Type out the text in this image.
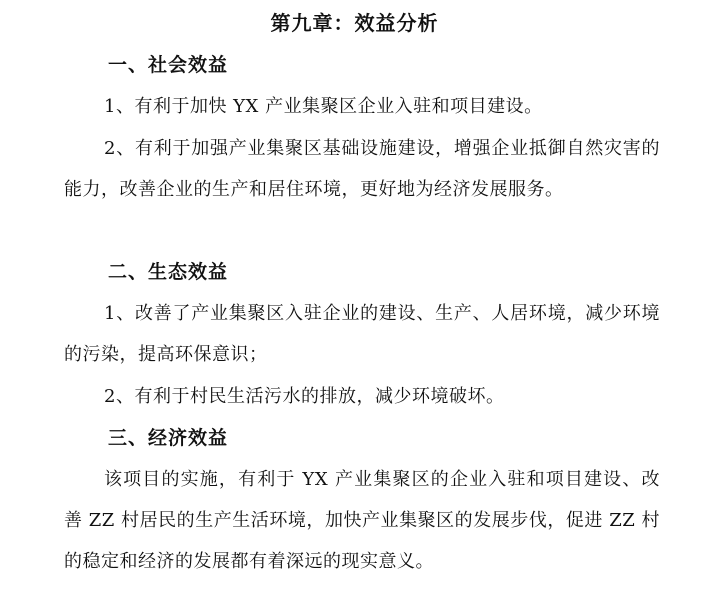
第九章：效益分析
一、社会效益
1、有利于加快 YX 产业集聚区企业入驻和项目建设。
2、有利于加强产业集聚区基础设施建设，增强企业抵御自然灾害的能力，改善企业的生产和居住环境，更好地为经济发展服务。
二、生态效益
1、改善了产业集聚区入驻企业的建设、生产、人居环境，减少环境的污染，提高环保意识；
2、有利于村民生活污水的排放，减少环境破坏。
三、经济效益
该项目的实施，有利于 YX 产业集聚区的企业入驻和项目建设、改善 ZZ 村居民的生产生活环境，加快产业集聚区的发展步伐，促进 ZZ 村的稳定和经济的发展都有着深远的现实意义。
